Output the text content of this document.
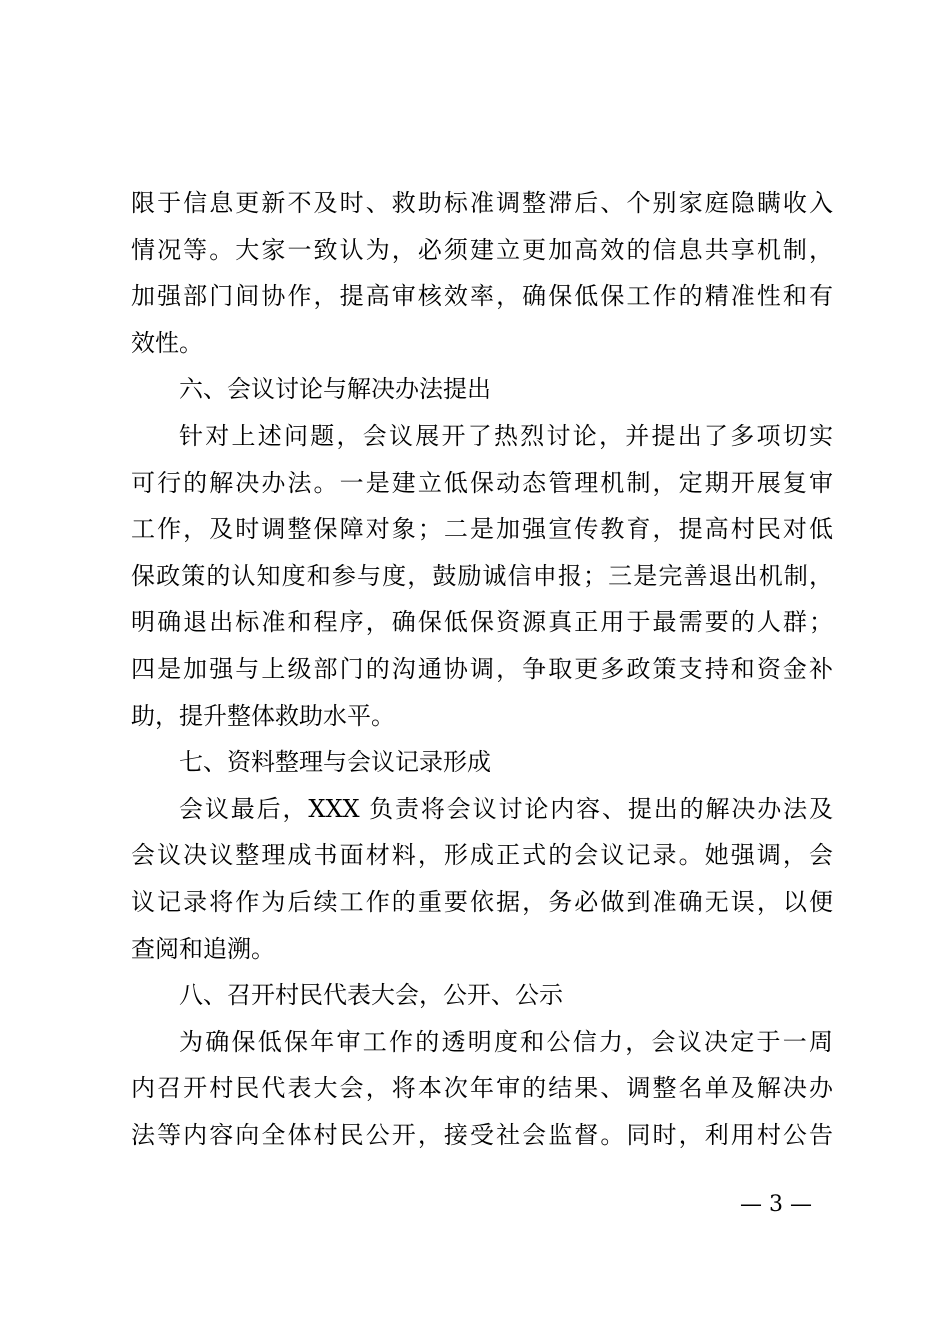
限于信息更新不及时、救助标准调整滞后、个别家庭隐瞒收入
情况等。大家一致认为，必须建立更加高效的信息共享机制，
加强部门间协作，提高审核效率，确保低保工作的精准性和有
效性。
六、会议讨论与解决办法提出
针对上述问题，会议展开了热烈讨论，并提出了多项切实
可行的解决办法。一是建立低保动态管理机制，定期开展复审
工作，及时调整保障对象；二是加强宣传教育，提高村民对低
保政策的认知度和参与度，鼓励诚信申报；三是完善退出机制，
明确退出标准和程序，确保低保资源真正用于最需要的人群；
四是加强与上级部门的沟通协调，争取更多政策支持和资金补
助，提升整体救助水平。
七、资料整理与会议记录形成
会议最后，XXX 负责将会议讨论内容、提出的解决办法及
会议决议整理成书面材料，形成正式的会议记录。她强调，会
议记录将作为后续工作的重要依据，务必做到准确无误，以便
查阅和追溯。
八、召开村民代表大会，公开、公示
为确保低保年审工作的透明度和公信力，会议决定于一周
内召开村民代表大会，将本次年审的结果、调整名单及解决办
法等内容向全体村民公开，接受社会监督。同时，利用村公告
— 3 —
